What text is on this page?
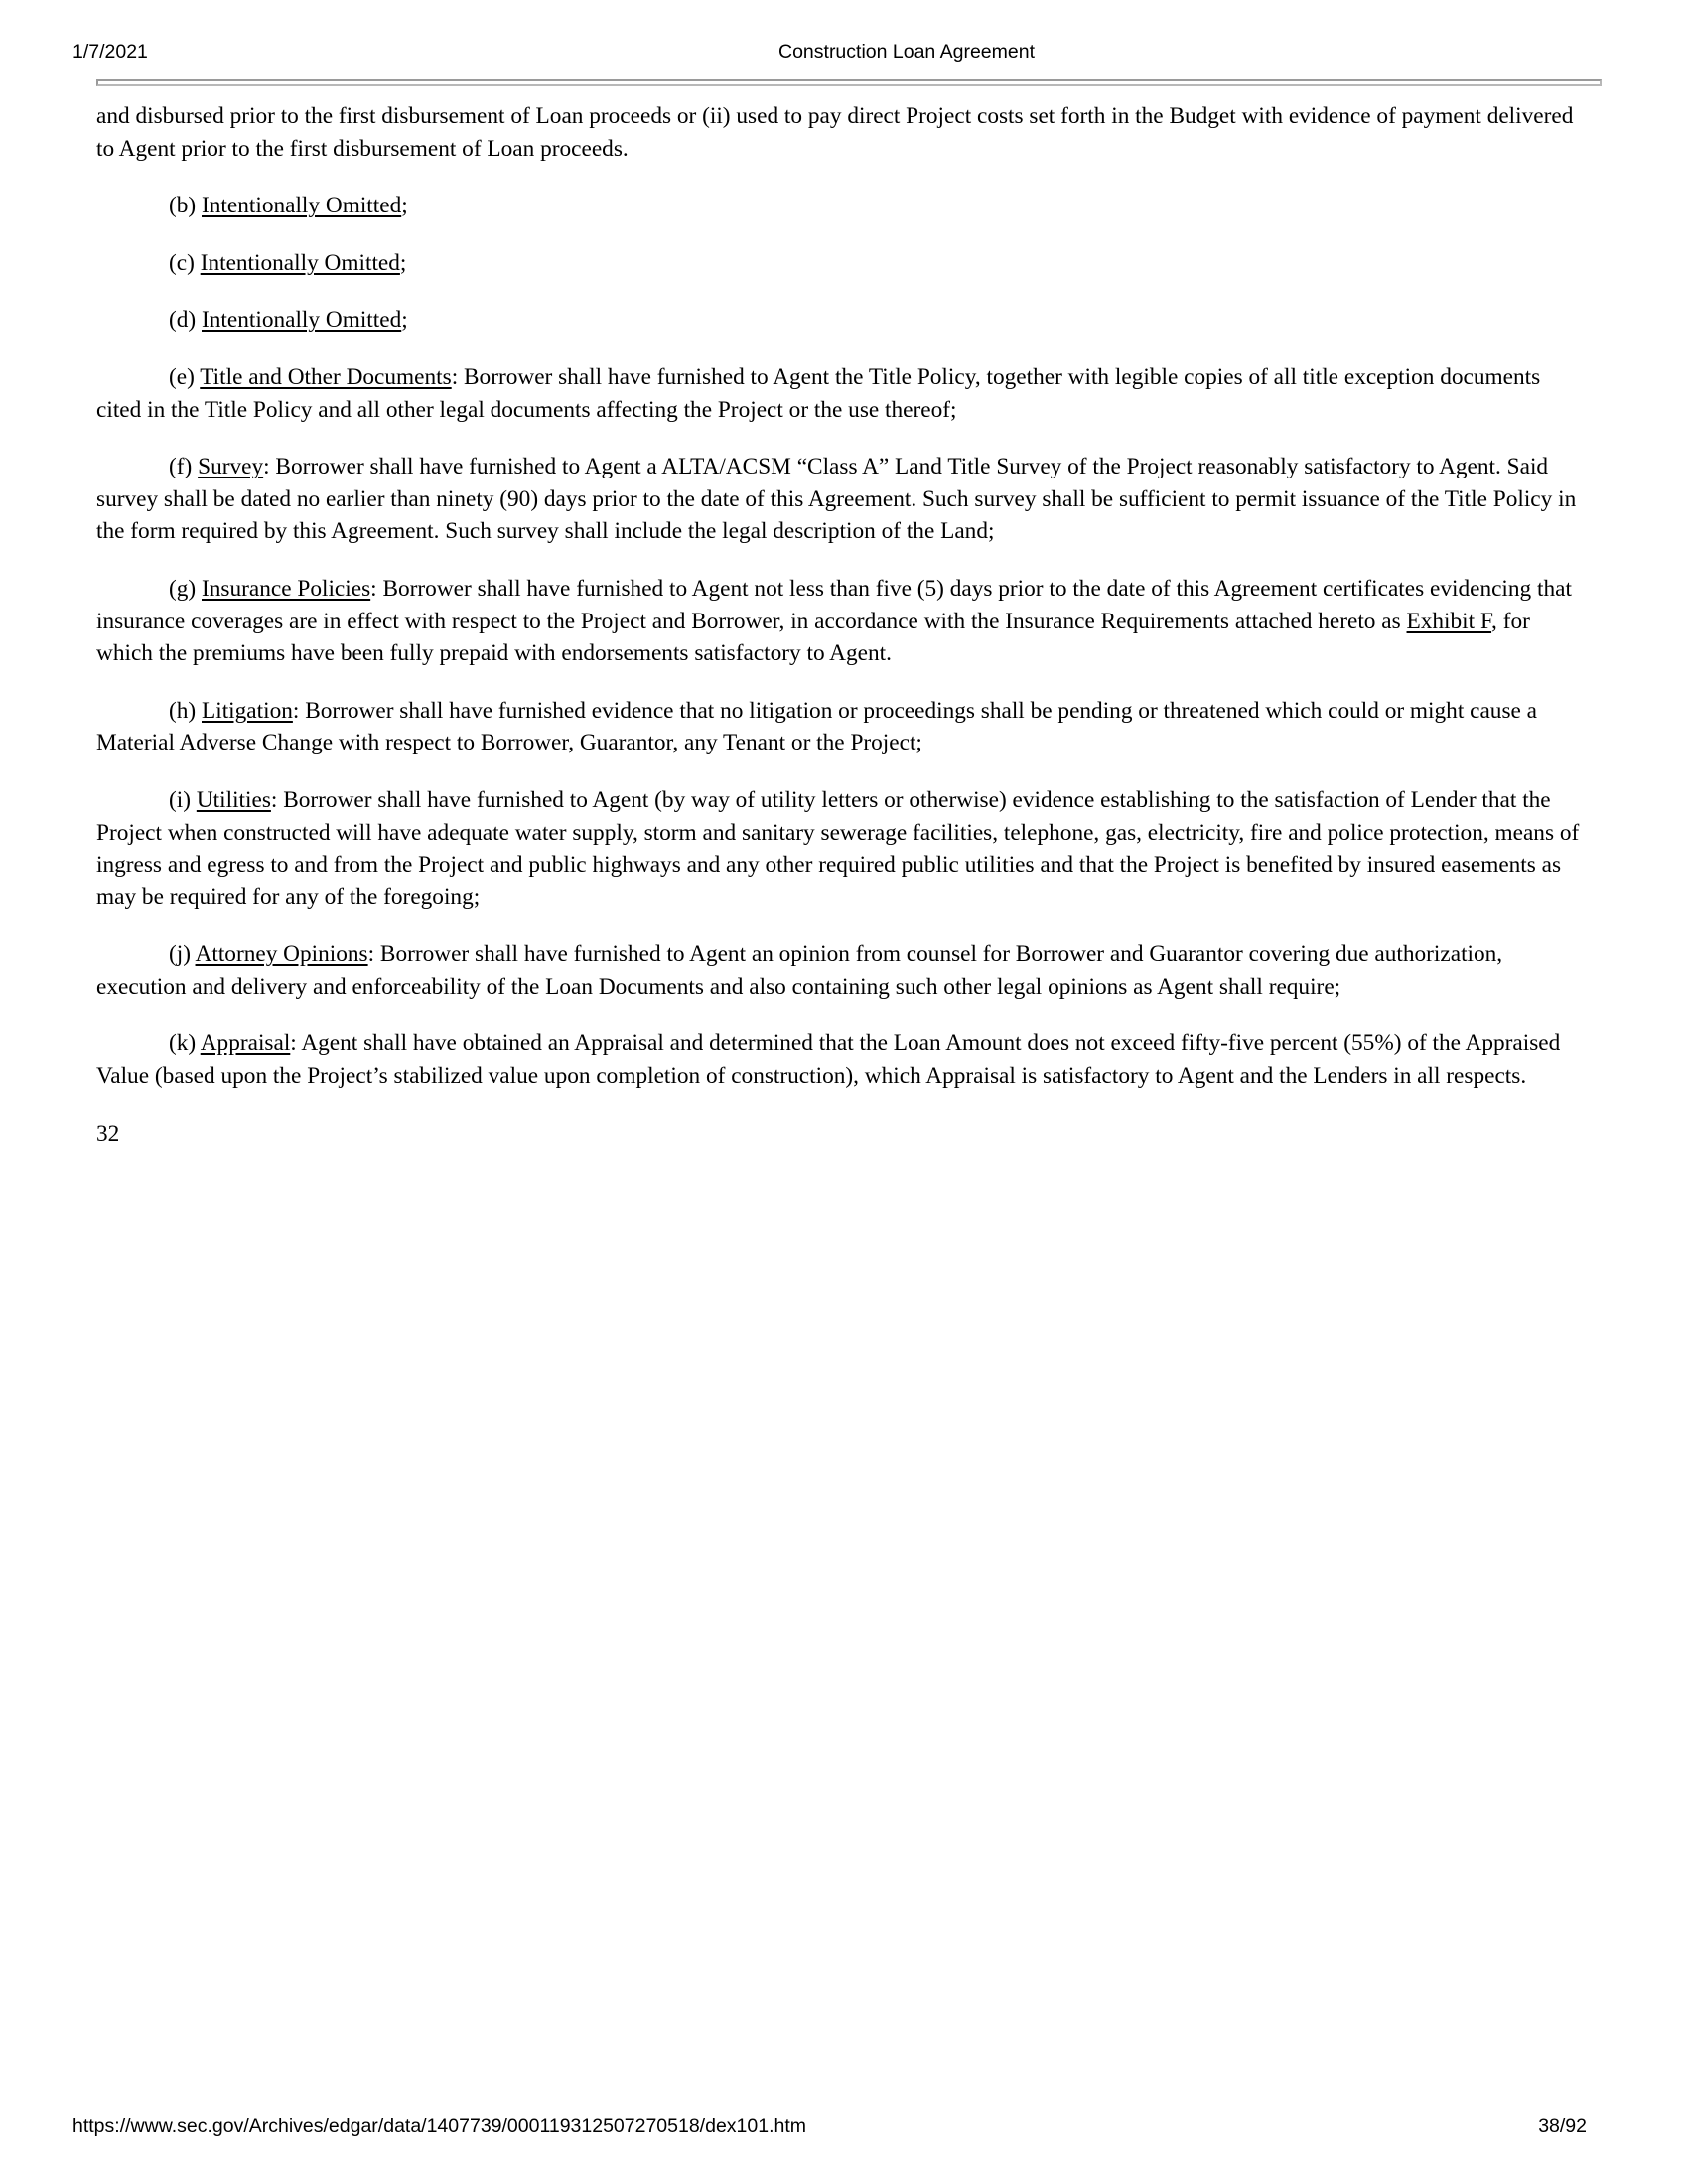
1/7/2021	Construction Loan Agreement

and disbursed prior to the first disbursement of Loan proceeds or (ii) used to pay direct Project costs set forth in the Budget with evidence of payment delivered to Agent prior to the first disbursement of Loan proceeds.

(b) Intentionally Omitted;

(c) Intentionally Omitted;

(d) Intentionally Omitted;

(e) Title and Other Documents: Borrower shall have furnished to Agent the Title Policy, together with legible copies of all title exception documents cited in the Title Policy and all other legal documents affecting the Project or the use thereof;

(f) Survey: Borrower shall have furnished to Agent a ALTA/ACSM “Class A” Land Title Survey of the Project reasonably satisfactory to Agent. Said survey shall be dated no earlier than ninety (90) days prior to the date of this Agreement. Such survey shall be sufficient to permit issuance of the Title Policy in the form required by this Agreement. Such survey shall include the legal description of the Land;

(g) Insurance Policies: Borrower shall have furnished to Agent not less than five (5) days prior to the date of this Agreement certificates evidencing that insurance coverages are in effect with respect to the Project and Borrower, in accordance with the Insurance Requirements attached hereto as Exhibit F, for which the premiums have been fully prepaid with endorsements satisfactory to Agent.

(h) Litigation: Borrower shall have furnished evidence that no litigation or proceedings shall be pending or threatened which could or might cause a Material Adverse Change with respect to Borrower, Guarantor, any Tenant or the Project;

(i) Utilities: Borrower shall have furnished to Agent (by way of utility letters or otherwise) evidence establishing to the satisfaction of Lender that the Project when constructed will have adequate water supply, storm and sanitary sewerage facilities, telephone, gas, electricity, fire and police protection, means of ingress and egress to and from the Project and public highways and any other required public utilities and that the Project is benefited by insured easements as may be required for any of the foregoing;

(j) Attorney Opinions: Borrower shall have furnished to Agent an opinion from counsel for Borrower and Guarantor covering due authorization, execution and delivery and enforceability of the Loan Documents and also containing such other legal opinions as Agent shall require;

(k) Appraisal: Agent shall have obtained an Appraisal and determined that the Loan Amount does not exceed fifty-five percent (55%) of the Appraised Value (based upon the Project’s stabilized value upon completion of construction), which Appraisal is satisfactory to Agent and the Lenders in all respects.

32

https://www.sec.gov/Archives/edgar/data/1407739/000119312507270518/dex101.htm	38/92
